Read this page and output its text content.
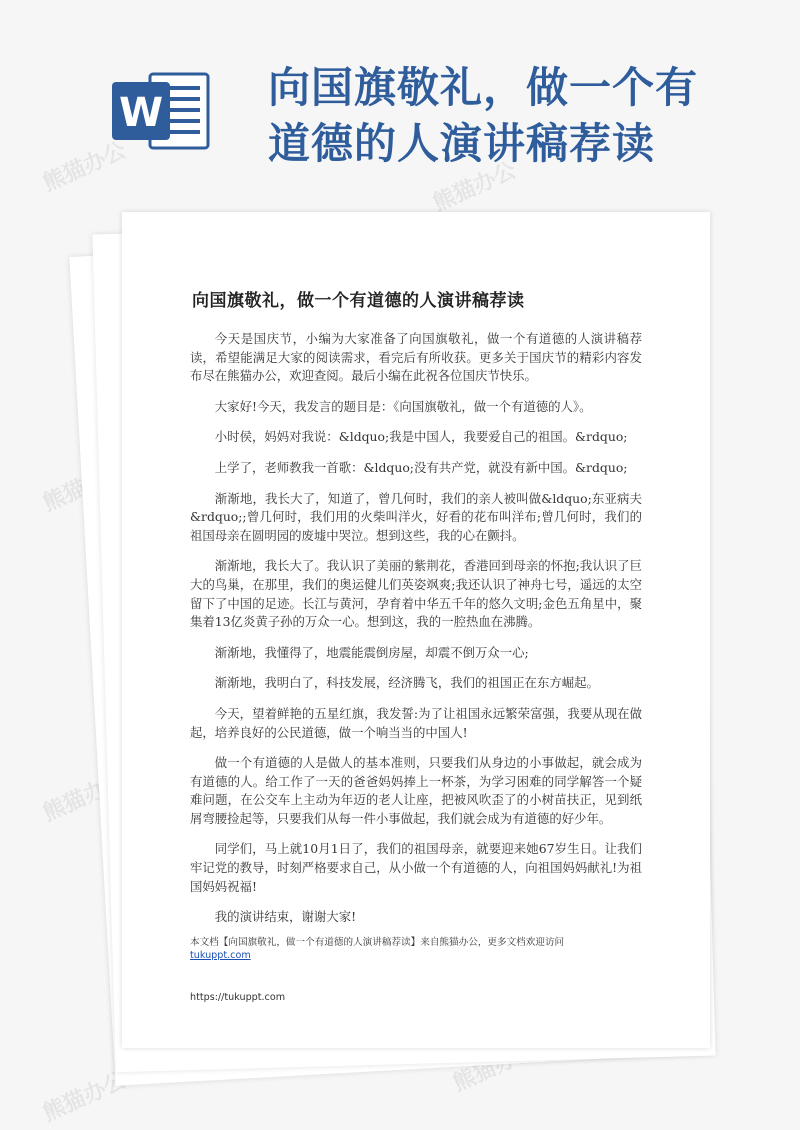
熊猫办公	熊猫办公
熊猫办公
熊猫办公
熊猫办公
W
向国旗敬礼，做一个有道德的人演讲稿荐读
向国旗敬礼，做一个有道德的人演讲稿荐读

今天是国庆节，小编为大家准备了向国旗敬礼，做一个有道德的人演讲稿荐读，希望能满足大家的阅读需求，看完后有所收获。更多关于国庆节的精彩内容发布尽在熊猫办公，欢迎查阅。最后小编在此祝各位国庆节快乐。

大家好!今天，我发言的题目是：《向国旗敬礼，做一个有道德的人》。

小时侯，妈妈对我说：&ldquo;我是中国人，我要爱自己的祖国。&rdquo;

上学了，老师教我一首歌：&ldquo;没有共产党，就没有新中国。&rdquo;

渐渐地，我长大了，知道了，曾几何时，我们的亲人被叫做&ldquo;东亚病夫&rdquo;;曾几何时，我们用的火柴叫洋火，好看的花布叫洋布;曾几何时，我们的祖国母亲在圆明园的废墟中哭泣。想到这些，我的心在颤抖。

渐渐地，我长大了。我认识了美丽的紫荆花，香港回到母亲的怀抱;我认识了巨大的鸟巢，在那里，我们的奥运健儿们英姿飒爽;我还认识了神舟七号，遥远的太空留下了中国的足迹。长江与黄河，孕育着中华五千年的悠久文明;金色五角星中，聚集着13亿炎黄子孙的万众一心。想到这，我的一腔热血在沸腾。

渐渐地，我懂得了，地震能震倒房屋，却震不倒万众一心;

渐渐地，我明白了，科技发展，经济腾飞，我们的祖国正在东方崛起。

今天，望着鲜艳的五星红旗，我发誓:为了让祖国永远繁荣富强，我要从现在做起，培养良好的公民道德，做一个响当当的中国人!

做一个有道德的人是做人的基本准则，只要我们从身边的小事做起，就会成为有道德的人。给工作了一天的爸爸妈妈捧上一杯茶，为学习困难的同学解答一个疑难问题，在公交车上主动为年迈的老人让座，把被风吹歪了的小树苗扶正，见到纸屑弯腰捡起等，只要我们从每一件小事做起，我们就会成为有道德的好少年。

同学们，马上就10月1日了，我们的祖国母亲，就要迎来她67岁生日。让我们牢记党的教导，时刻严格要求自己，从小做一个有道德的人，向祖国妈妈献礼!为祖国妈妈祝福!

我的演讲结束，谢谢大家!

本文档【向国旗敬礼，做一个有道德的人演讲稿荐读】来自熊猫办公，更多文档欢迎访问
tukuppt.com
https://tukuppt.com
